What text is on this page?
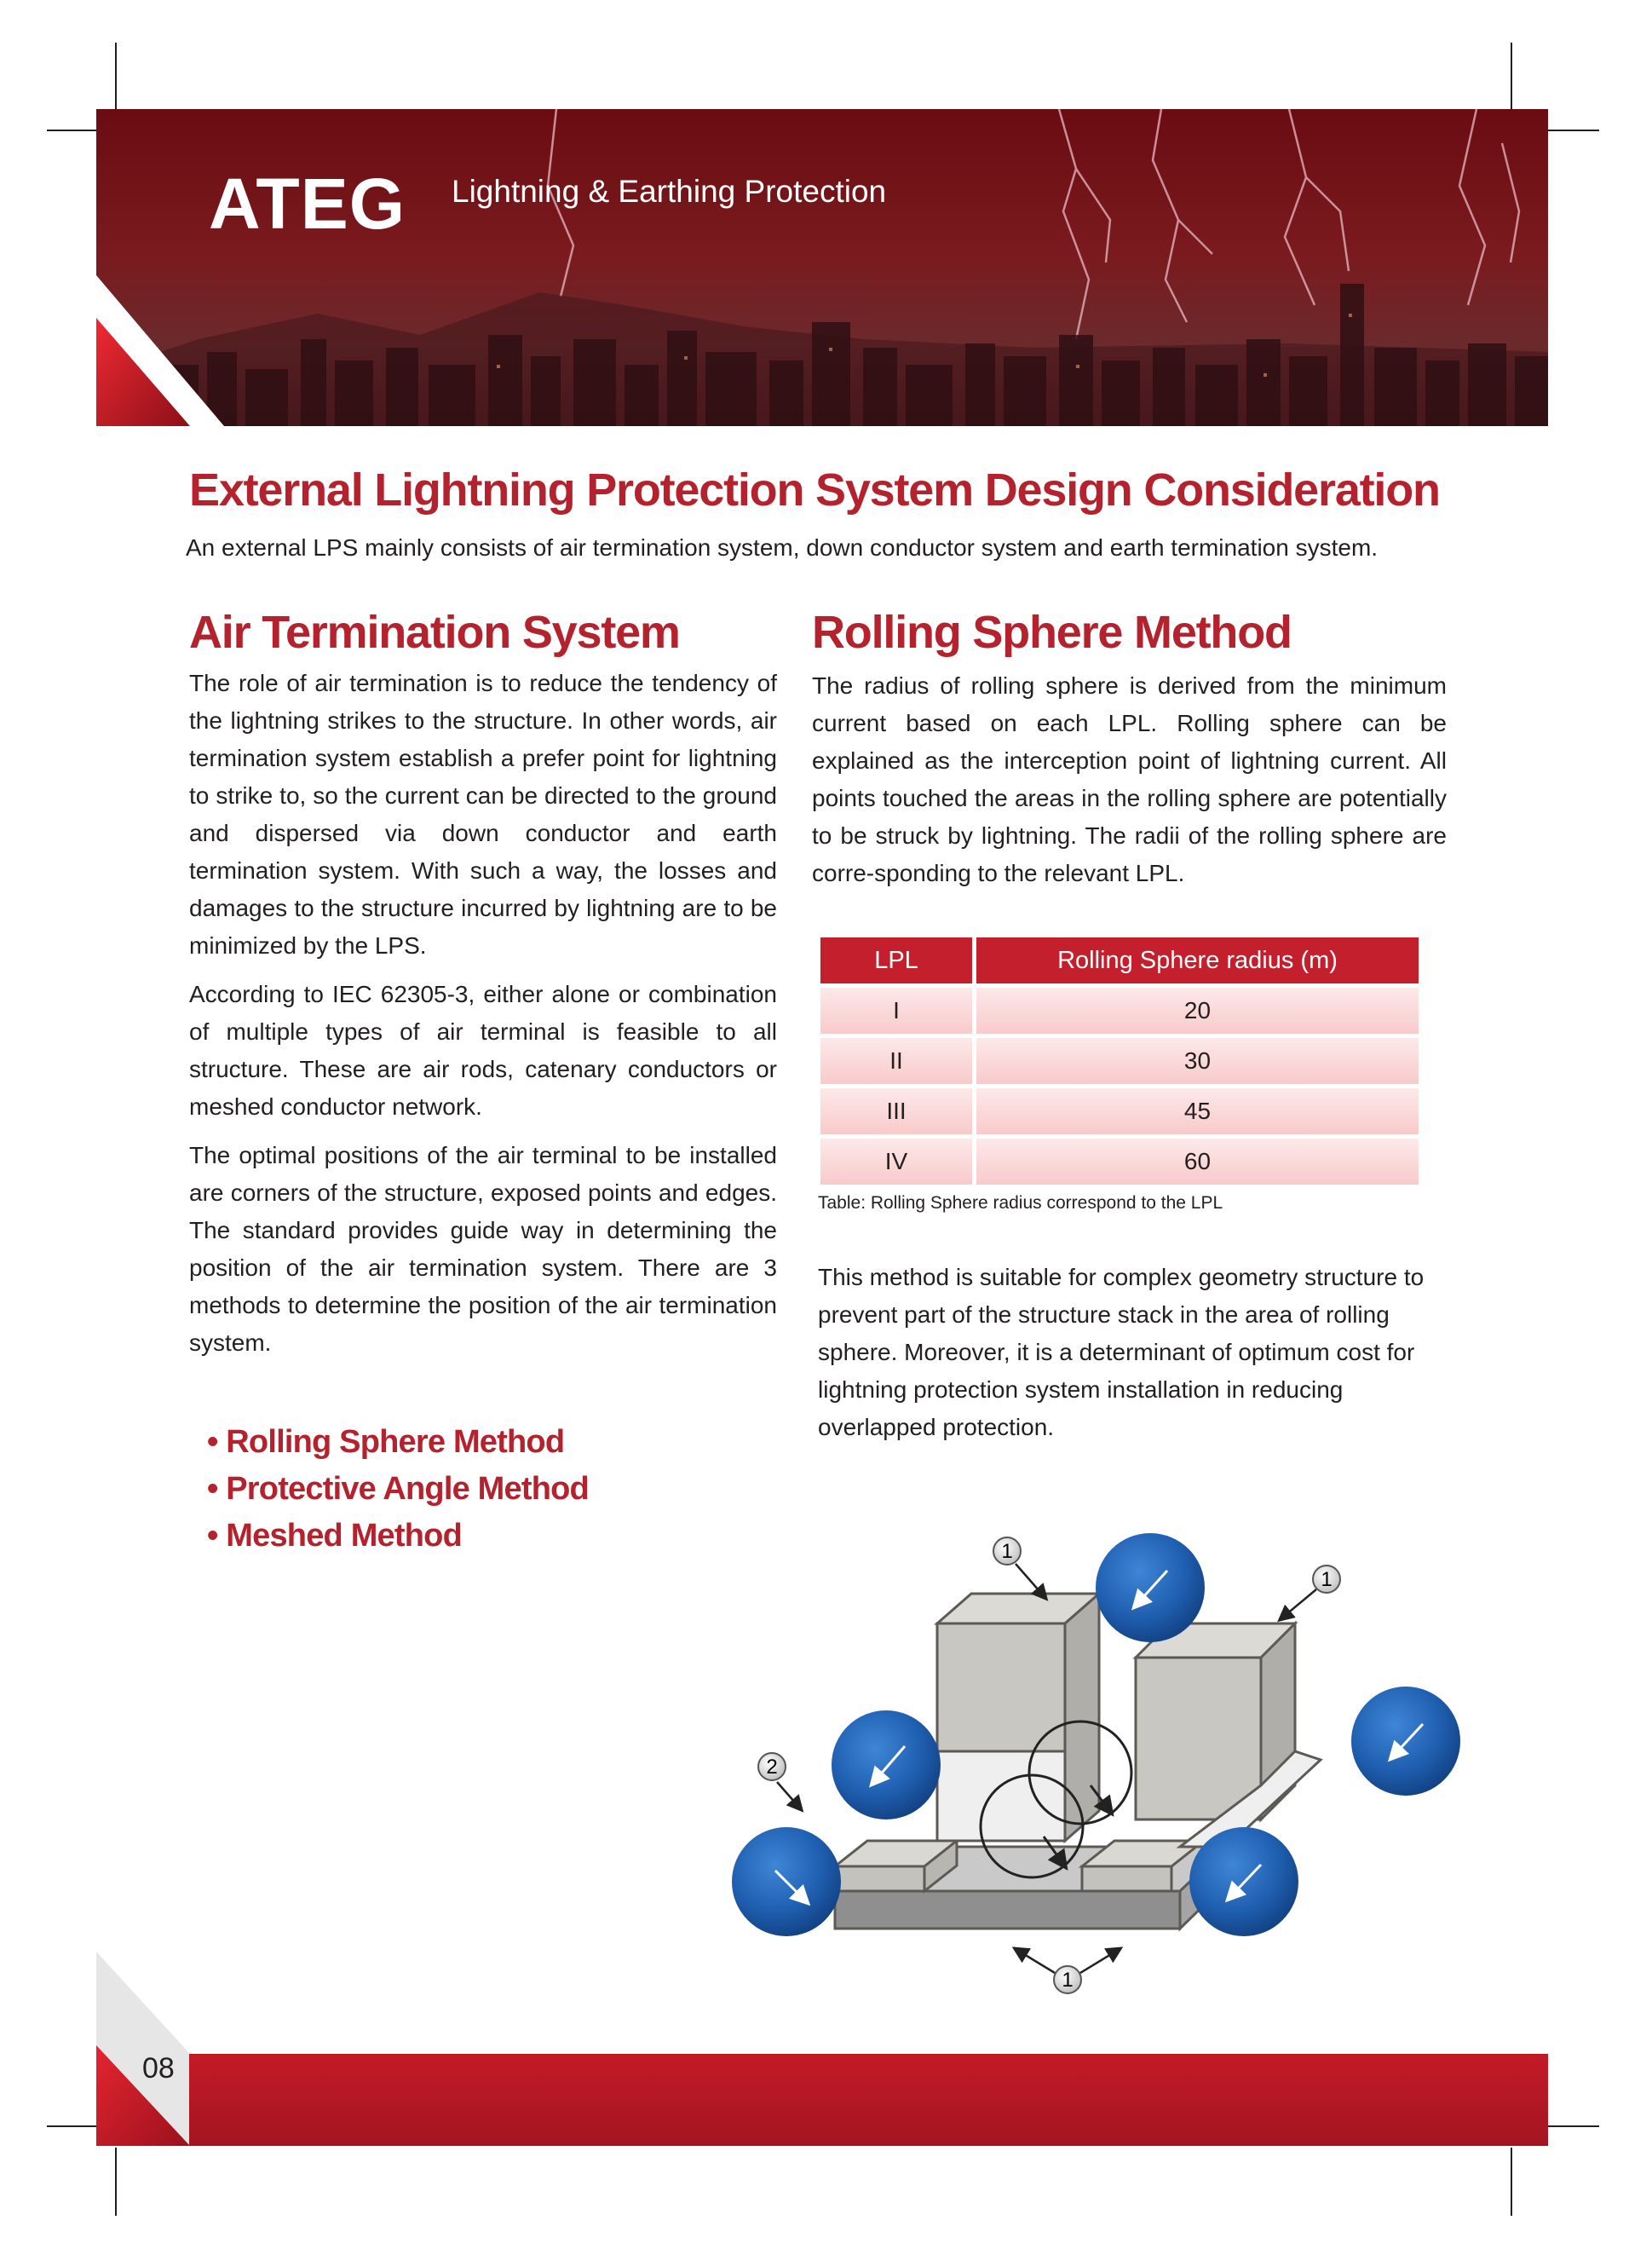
ATEG Lightning & Earthing Protection
External Lightning Protection System Design Consideration
An external LPS mainly consists of air termination system, down conductor system and earth termination system.
Air Termination System

The role of air termination is to reduce the tendency of the lightning strikes to the structure. In other words, air termination system establish a prefer point for lightning to strike to, so the current can be directed to the ground and dispersed via down conductor and earth termination system. With such a way, the losses and damages to the structure incurred by lightning are to be minimized by the LPS.

According to IEC 62305-3, either alone or combination of multiple types of air terminal is feasible to all structure. These are air rods, catenary conductors or meshed conductor network.

The optimal positions of the air terminal to be installed are corners of the structure, exposed points and edges. The standard provides guide way in determining the position of the air termination system. There are 3 methods to determine the position of the air termination system.

• Rolling Sphere Method
• Protective Angle Method
• Meshed Method
Rolling Sphere Method

The radius of rolling sphere is derived from the minimum current based on each LPL. Rolling sphere can be explained as the interception point of lightning current. All points touched the areas in the rolling sphere are potentially to be struck by lightning. The radii of the rolling sphere are corre-sponding to the relevant LPL.

LPL	Rolling Sphere radius (m)
I	20
II	30
III	45
IV	60
Table: Rolling Sphere radius correspond to the LPL

This method is suitable for complex geometry structure to prevent part of the structure stack in the area of rolling sphere. Moreover, it is a determinant of optimum cost for lightning protection system installation in reducing overlapped protection.

1
1
2
1
08
